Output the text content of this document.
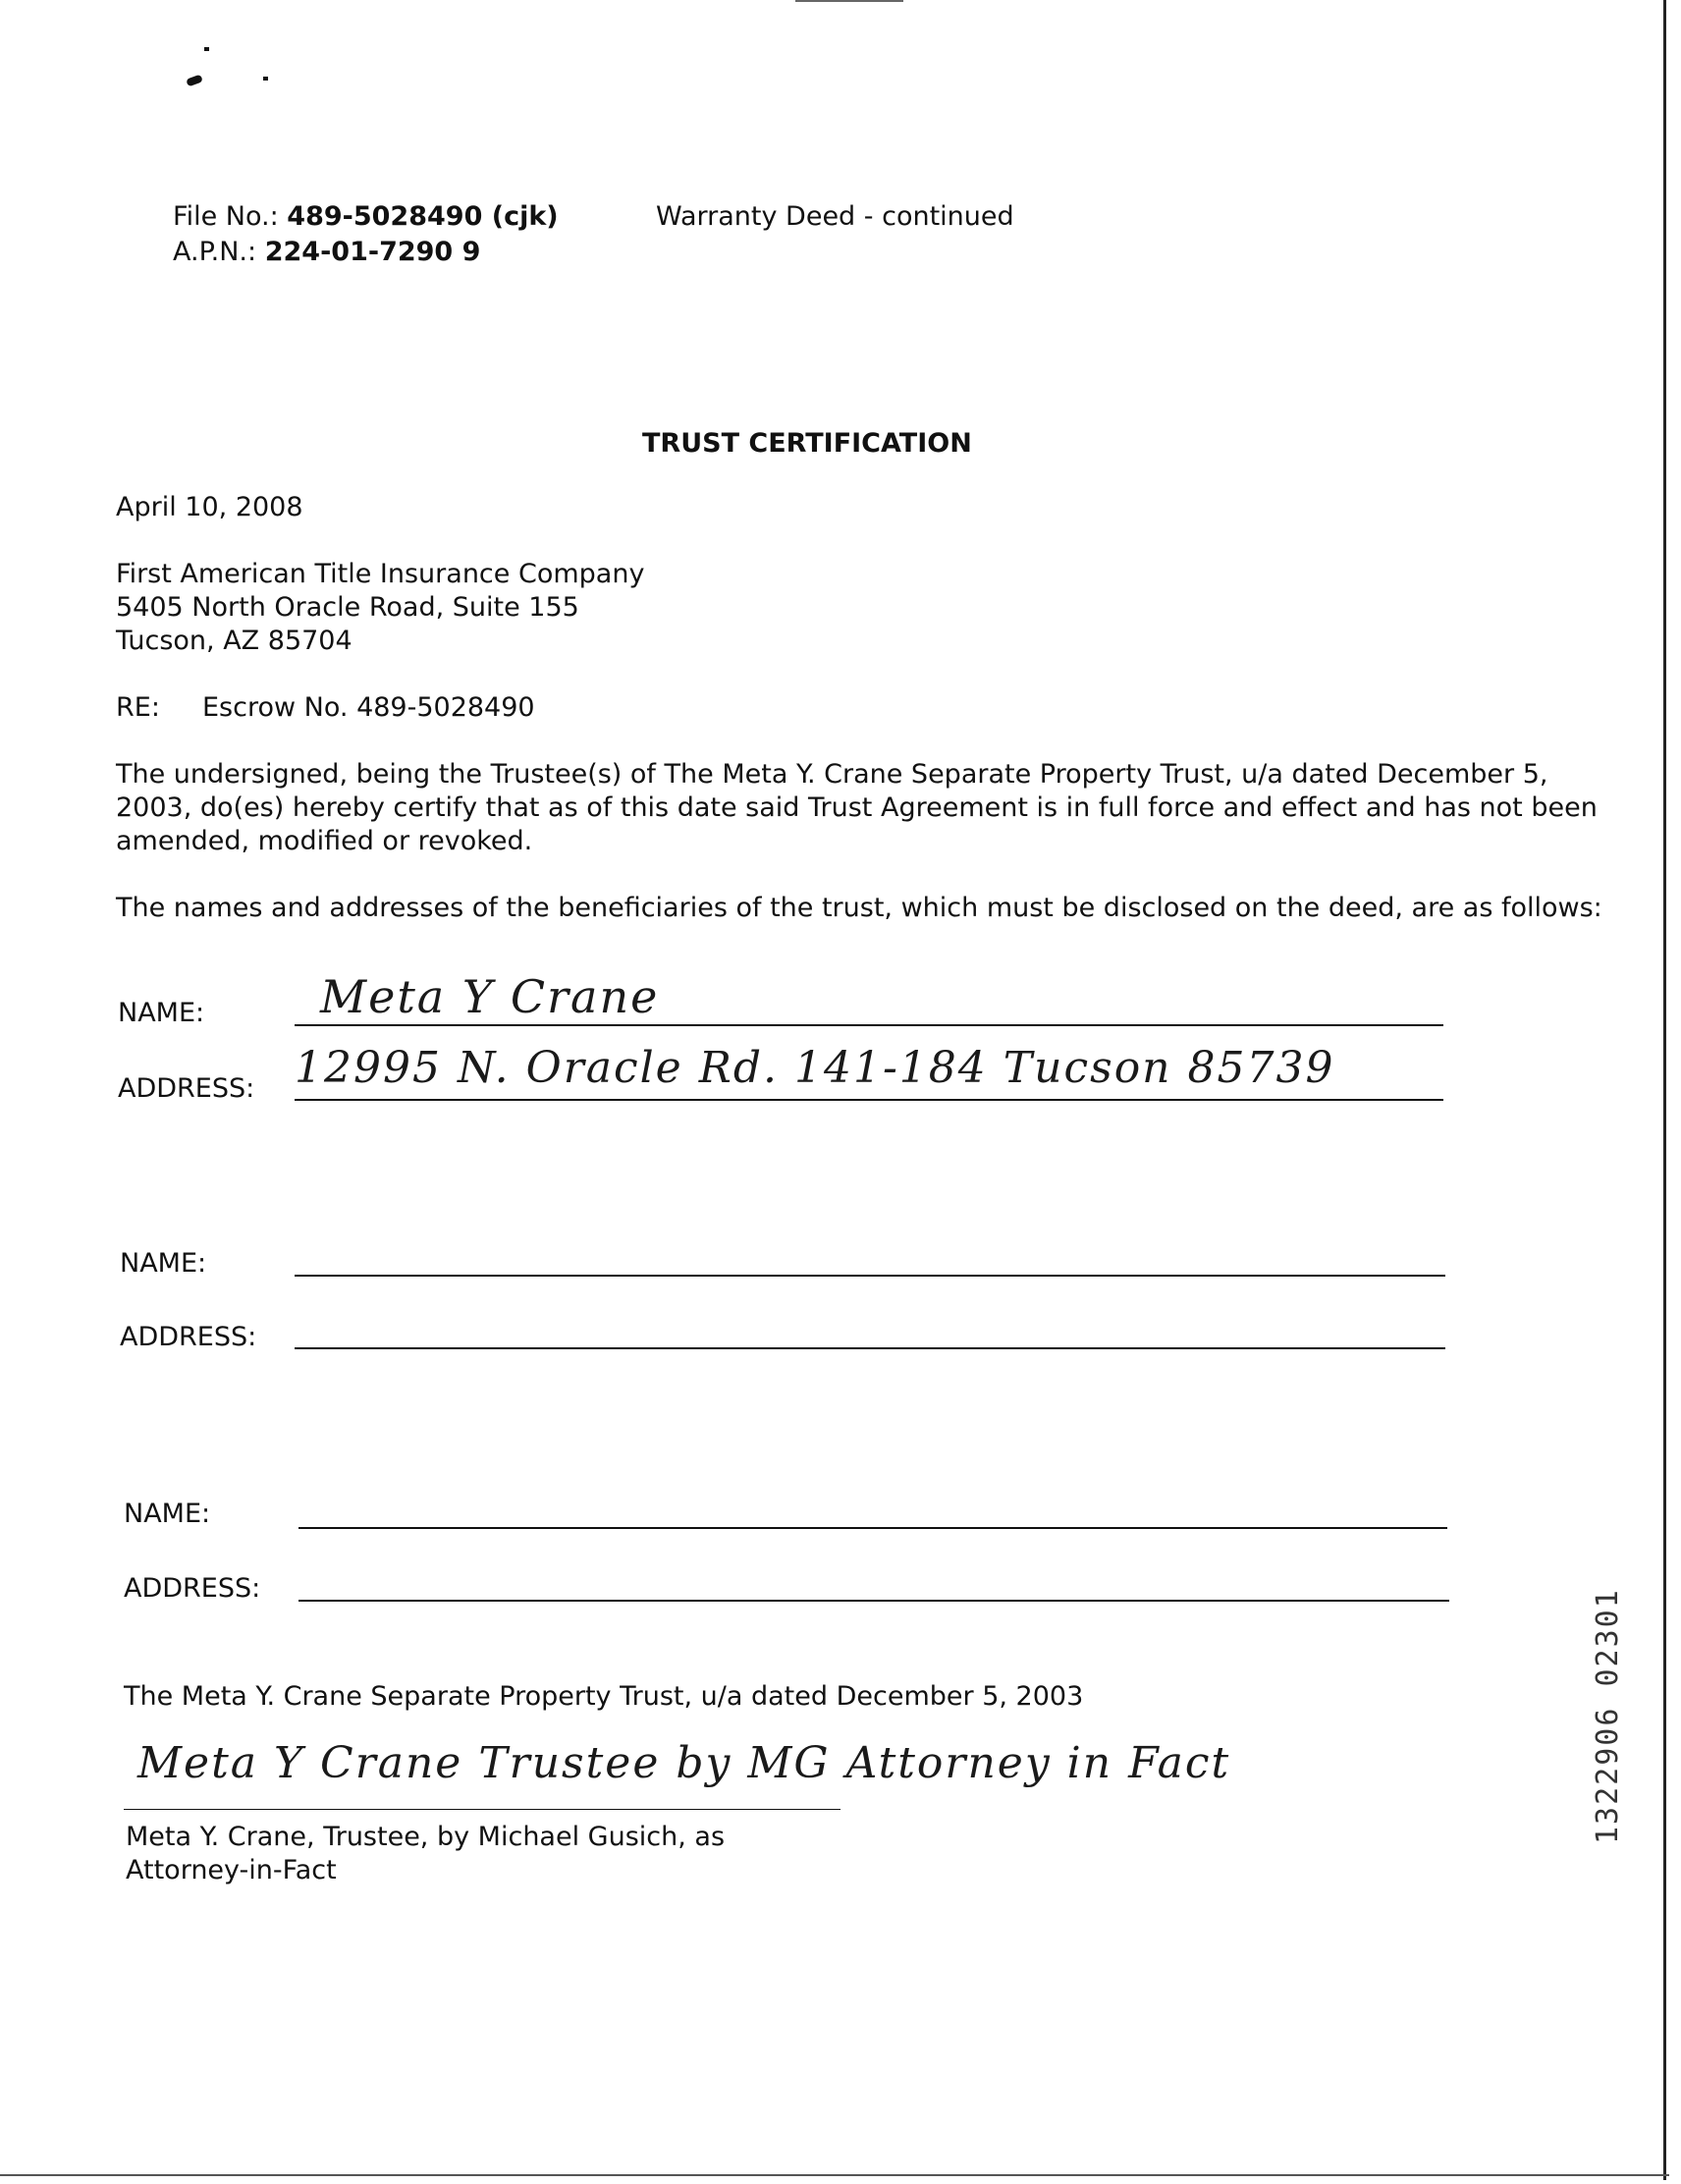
File No.: 489-5028490 (cjk)
A.P.N.: 224-01-7290 9
Warranty Deed - continued
TRUST CERTIFICATION
April 10, 2008
First American Title Insurance Company
5405 North Oracle Road, Suite 155
Tucson, AZ 85704
RE: Escrow No. 489-5028490
The undersigned, being the Trustee(s) of The Meta Y. Crane Separate Property Trust, u/a dated December 5,
2003, do(es) hereby certify that as of this date said Trust Agreement is in full force and effect and has not been
amended, modified or revoked.
The names and addresses of the beneficiaries of the trust, which must be disclosed on the deed, are as follows:
NAME:	Meta Y Crane
ADDRESS: 12995 N. Oracle Rd. 141-184 Tucson 85739
NAME:
ADDRESS:
NAME:
ADDRESS:
The Meta Y. Crane Separate Property Trust, u/a dated December 5, 2003
Meta Y Crane Trustee by MG Attorney in Fact
Meta Y. Crane, Trustee, by Michael Gusich, as
Attorney-in-Fact
1322906 02301
